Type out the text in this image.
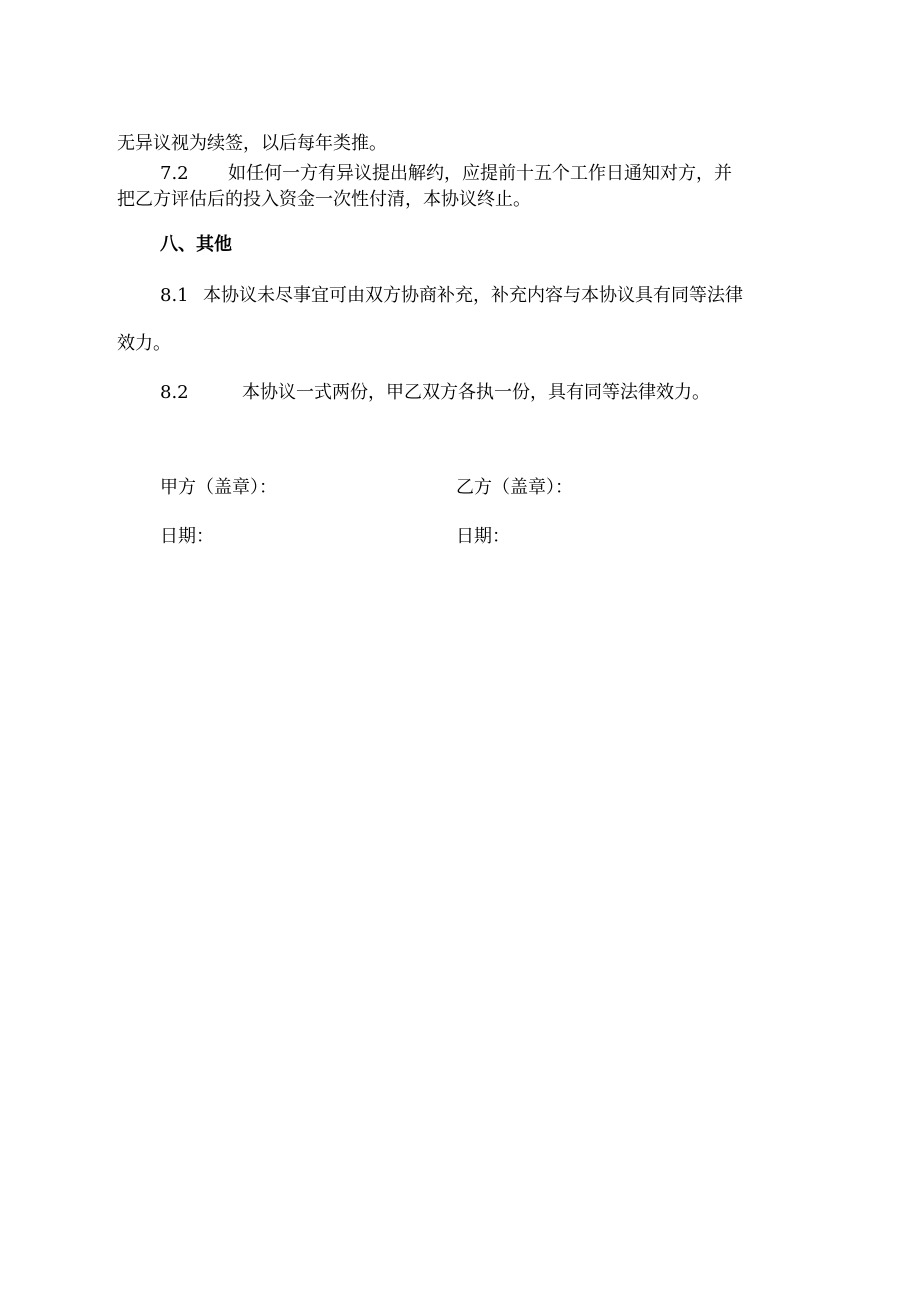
无异议视为续签，以后每年类推。
7.2 如任何一方有异议提出解约，应提前十五个工作日通知对方，并
把乙方评估后的投入资金一次性付清，本协议终止。
八、其他
8.1 本协议未尽事宜可由双方协商补充，补充内容与本协议具有同等法律
效力。
8.2	本协议一式两份，甲乙双方各执一份，具有同等法律效力。
甲方（盖章）：	乙方（盖章）：
日期：	日期：
